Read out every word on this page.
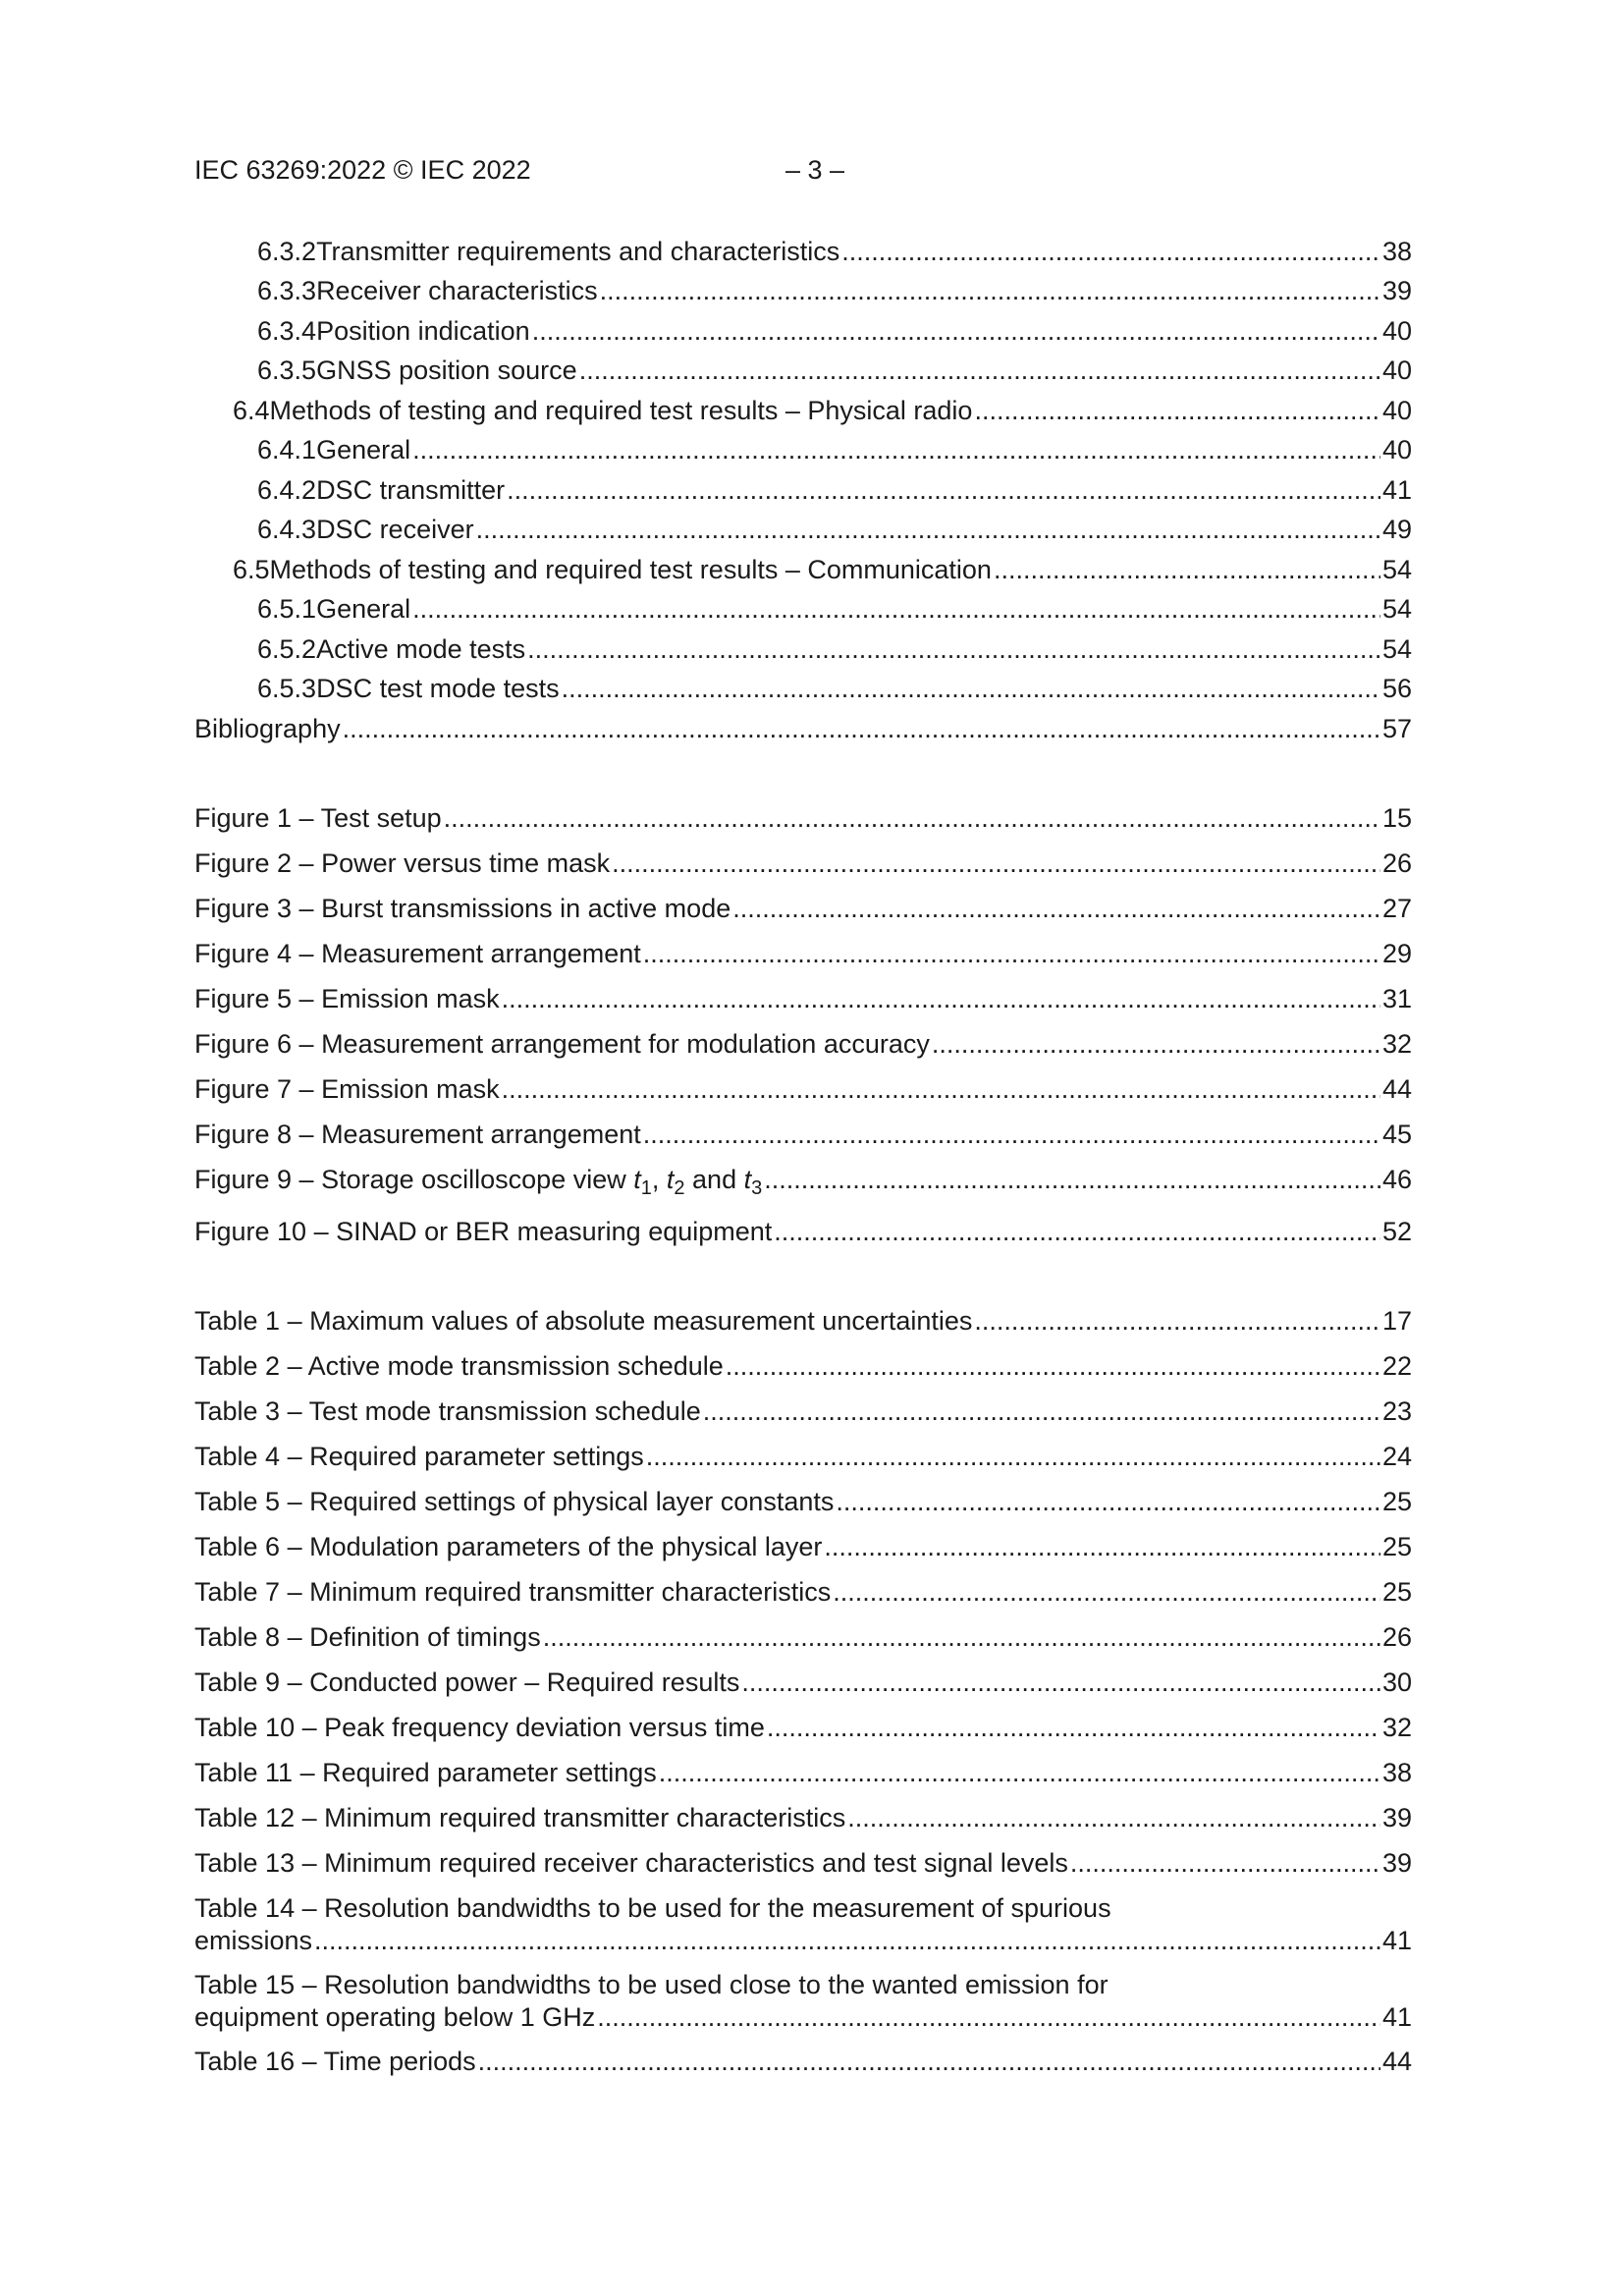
IEC 63269:2022 © IEC 2022	– 3 –
6.3.2 Transmitter requirements and characteristics .....	38
6.3.3 Receiver characteristics .....	39
6.3.4 Position indication .....	40
6.3.5 GNSS position source .....	40
6.4 Methods of testing and required test results – Physical radio .....	40
6.4.1 General .....	40
6.4.2 DSC transmitter .....	41
6.4.3 DSC receiver .....	49
6.5 Methods of testing and required test results – Communication .....	54
6.5.1 General .....	54
6.5.2 Active mode tests .....	54
6.5.3 DSC test mode tests .....	56
Bibliography .....	57
Figure 1 – Test setup .....	15
Figure 2 – Power versus time mask .....	26
Figure 3 – Burst transmissions in active mode .....	27
Figure 4 – Measurement arrangement .....	29
Figure 5 – Emission mask .....	31
Figure 6 – Measurement arrangement for modulation accuracy .....	32
Figure 7 – Emission mask .....	44
Figure 8 – Measurement arrangement .....	45
Figure 9 – Storage oscilloscope view $t_1$, $t_2$ and $t_3$ .....	46
Figure 10 – SINAD or BER measuring equipment .....	52
Table 1 – Maximum values of absolute measurement uncertainties .....	17
Table 2 – Active mode transmission schedule .....	22
Table 3 – Test mode transmission schedule .....	23
Table 4 – Required parameter settings .....	24
Table 5 – Required settings of physical layer constants .....	25
Table 6 – Modulation parameters of the physical layer .....	25
Table 7 – Minimum required transmitter characteristics .....	25
Table 8 – Definition of timings .....	26
Table 9 – Conducted power – Required results .....	30
Table 10 – Peak frequency deviation versus time .....	32
Table 11 – Required parameter settings .....	38
Table 12 – Minimum required transmitter characteristics .....	39
Table 13 – Minimum required receiver characteristics and test signal levels .....	39
Table 14 – Resolution bandwidths to be used for the measurement of spurious
emissions .....	41
Table 15 – Resolution bandwidths to be used close to the wanted emission for
equipment operating below 1 GHz .....	41
Table 16 – Time periods .....	44
